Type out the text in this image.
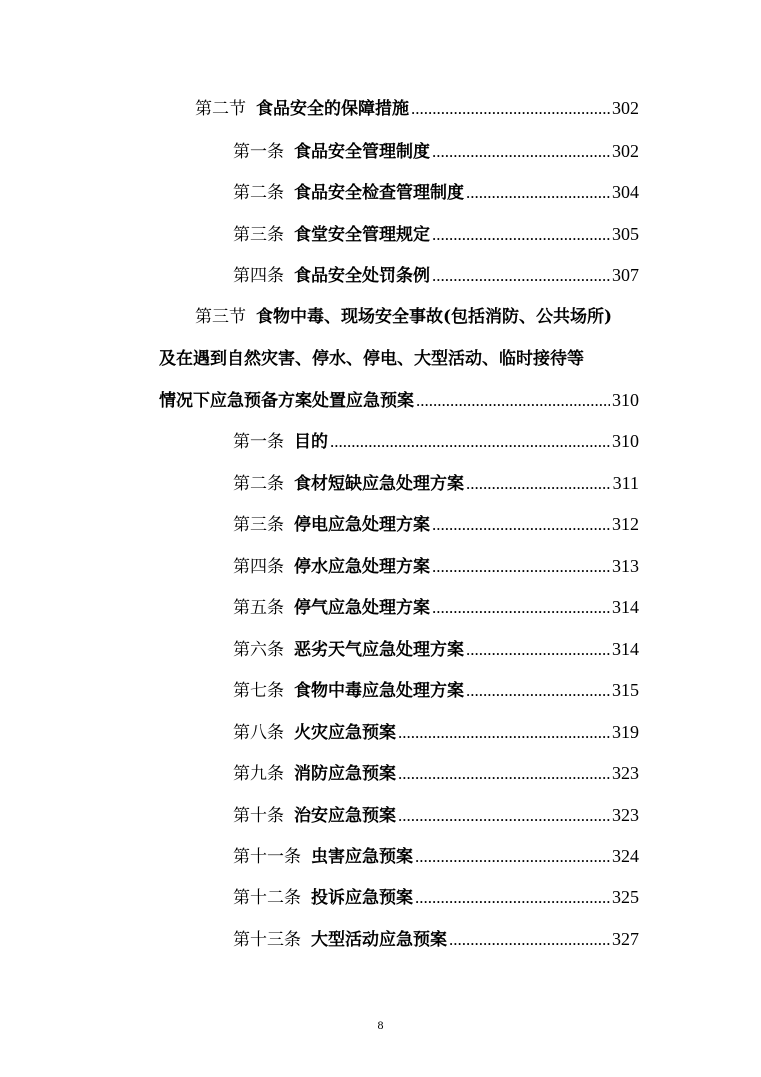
第二节 食品安全的保障措施 .....	302
第一条 食品安全管理制度 .....	302
第二条 食品安全检查管理制度 .....	304
第三条 食堂安全管理规定 .....	305
第四条 食品安全处罚条例 .....	307
第三节 食物中毒、现场安全事故(包括消防、公共场所)
及在遇到自然灾害、停水、停电、大型活动、临时接待等
情况下应急预备方案处置应急预案 .....	310
第一条 目的 .....	310
第二条 食材短缺应急处理方案 .....	311
第三条 停电应急处理方案 .....	312
第四条 停水应急处理方案 .....	313
第五条 停气应急处理方案 .....	314
第六条 恶劣天气应急处理方案 .....	314
第七条 食物中毒应急处理方案 .....	315
第八条 火灾应急预案 .....	319
第九条 消防应急预案 .....	323
第十条 治安应急预案 .....	323
第十一条 虫害应急预案 .....	324
第十二条 投诉应急预案 .....	325
第十三条 大型活动应急预案 .....	327
8
